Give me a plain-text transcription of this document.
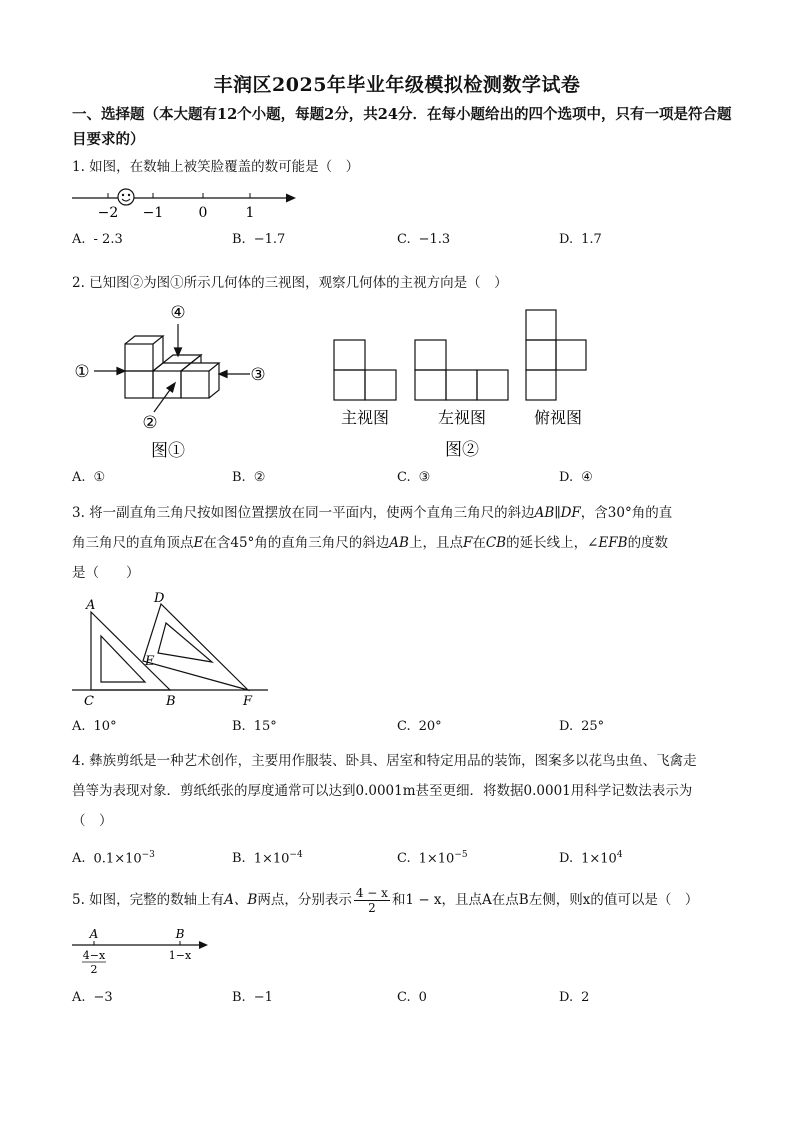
丰润区2025年毕业年级模拟检测数学试卷
一、选择题（本大题有12个小题，每题2分，共24分．在每小题给出的四个选项中，只有一项是符合题目要求的）
1. 如图，在数轴上被笑脸覆盖的数可能是（　）
−2 −1	0	1
A. - 2.3	B. −1.7	C. −1.3	D. 1.7
2. 已知图②为图①所示几何体的三视图，观察几何体的主视方向是（　）
①
②
③
④
图①
主视图	左视图	俯视图
图②
A. ①	B. ②	C. ③	D. ④
3. 将一副直角三角尺按如图位置摆放在同一平面内，使两个直角三角尺的斜边AB∥DF，含30°角的直
角三角尺的直角顶点E在含45°角的直角三角尺的斜边AB上，且点F在CB的延长线上，∠EFB的度数
是（　　）
A	D
E
C	B	F
A. 10°	B. 15°	C. 20°	D. 25°
4. 彝族剪纸是一种艺术创作，主要用作服装、卧具、居室和特定用品的装饰，图案多以花鸟虫鱼、飞禽走
兽等为表现对象．剪纸纸张的厚度通常可以达到0.0001m甚至更细．将数据0.0001用科学记数法表示为
（　）
A. $0.1\times 10^{-3}$	B. $1\times 10^{-4}$	C. $1\times 10^{-5}$	D. $1\times 10^4$
5. 如图，完整的数轴上有A、B两点，分别表示 $\frac{4 - x}{2}$ 和1 − x，且点A在点B左侧，则x的值可以是（　）
A	B
4−x
2
1−x
A. −3	B. −1	C. 0	D. 2
